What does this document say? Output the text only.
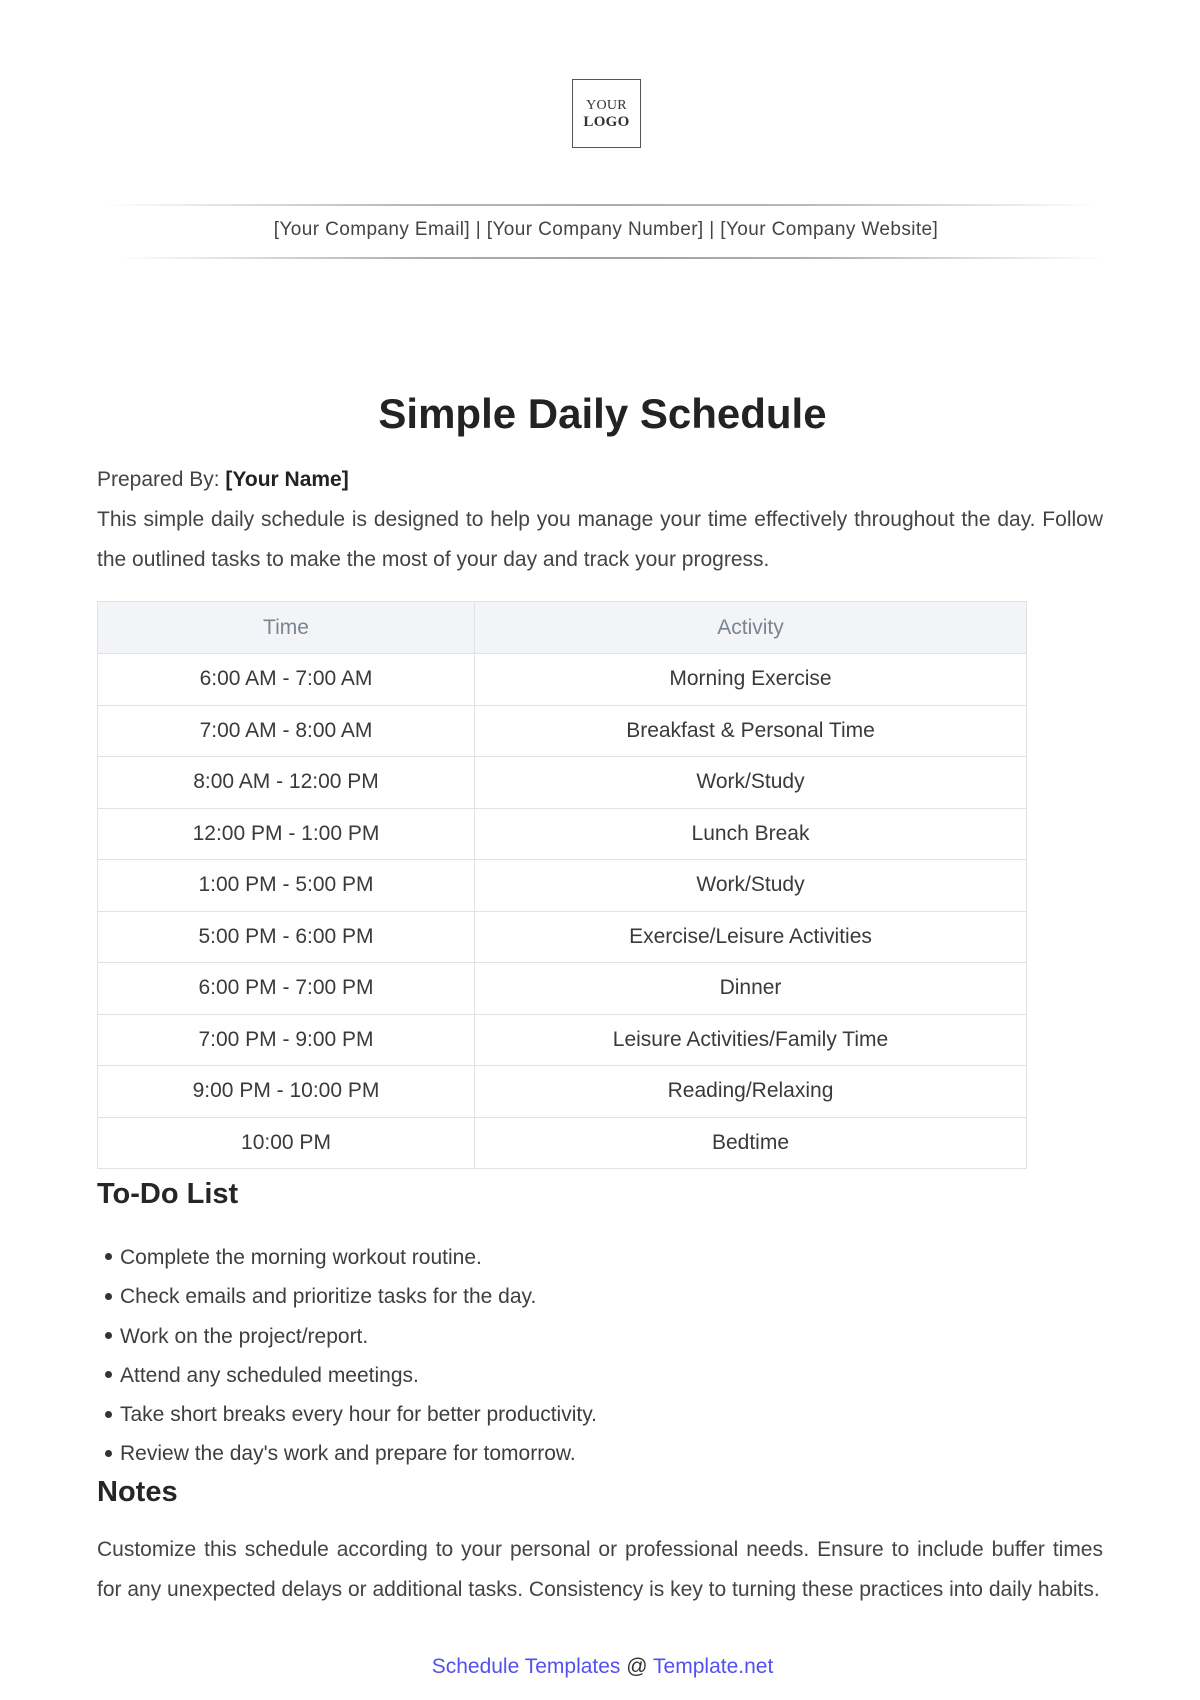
YOUR
LOGO
[Your Company Email] | [Your Company Number] | [Your Company Website]
Simple Daily Schedule
Prepared By: [Your Name]
This simple daily schedule is designed to help you manage your time effectively throughout the day. Follow the outlined tasks to make the most of your day and track your progress.
Time	Activity
6:00 AM - 7:00 AM	Morning Exercise
7:00 AM - 8:00 AM	Breakfast & Personal Time
8:00 AM - 12:00 PM	Work/Study
12:00 PM - 1:00 PM	Lunch Break
1:00 PM - 5:00 PM	Work/Study
5:00 PM - 6:00 PM	Exercise/Leisure Activities
6:00 PM - 7:00 PM	Dinner
7:00 PM - 9:00 PM	Leisure Activities/Family Time
9:00 PM - 10:00 PM	Reading/Relaxing
10:00 PM	Bedtime
To-Do List
Complete the morning workout routine.
Check emails and prioritize tasks for the day.
Work on the project/report.
Attend any scheduled meetings.
Take short breaks every hour for better productivity.
Review the day's work and prepare for tomorrow.
Notes
Customize this schedule according to your personal or professional needs. Ensure to include buffer times for any unexpected delays or additional tasks. Consistency is key to turning these practices into daily habits.
Schedule Templates @ Template.net
